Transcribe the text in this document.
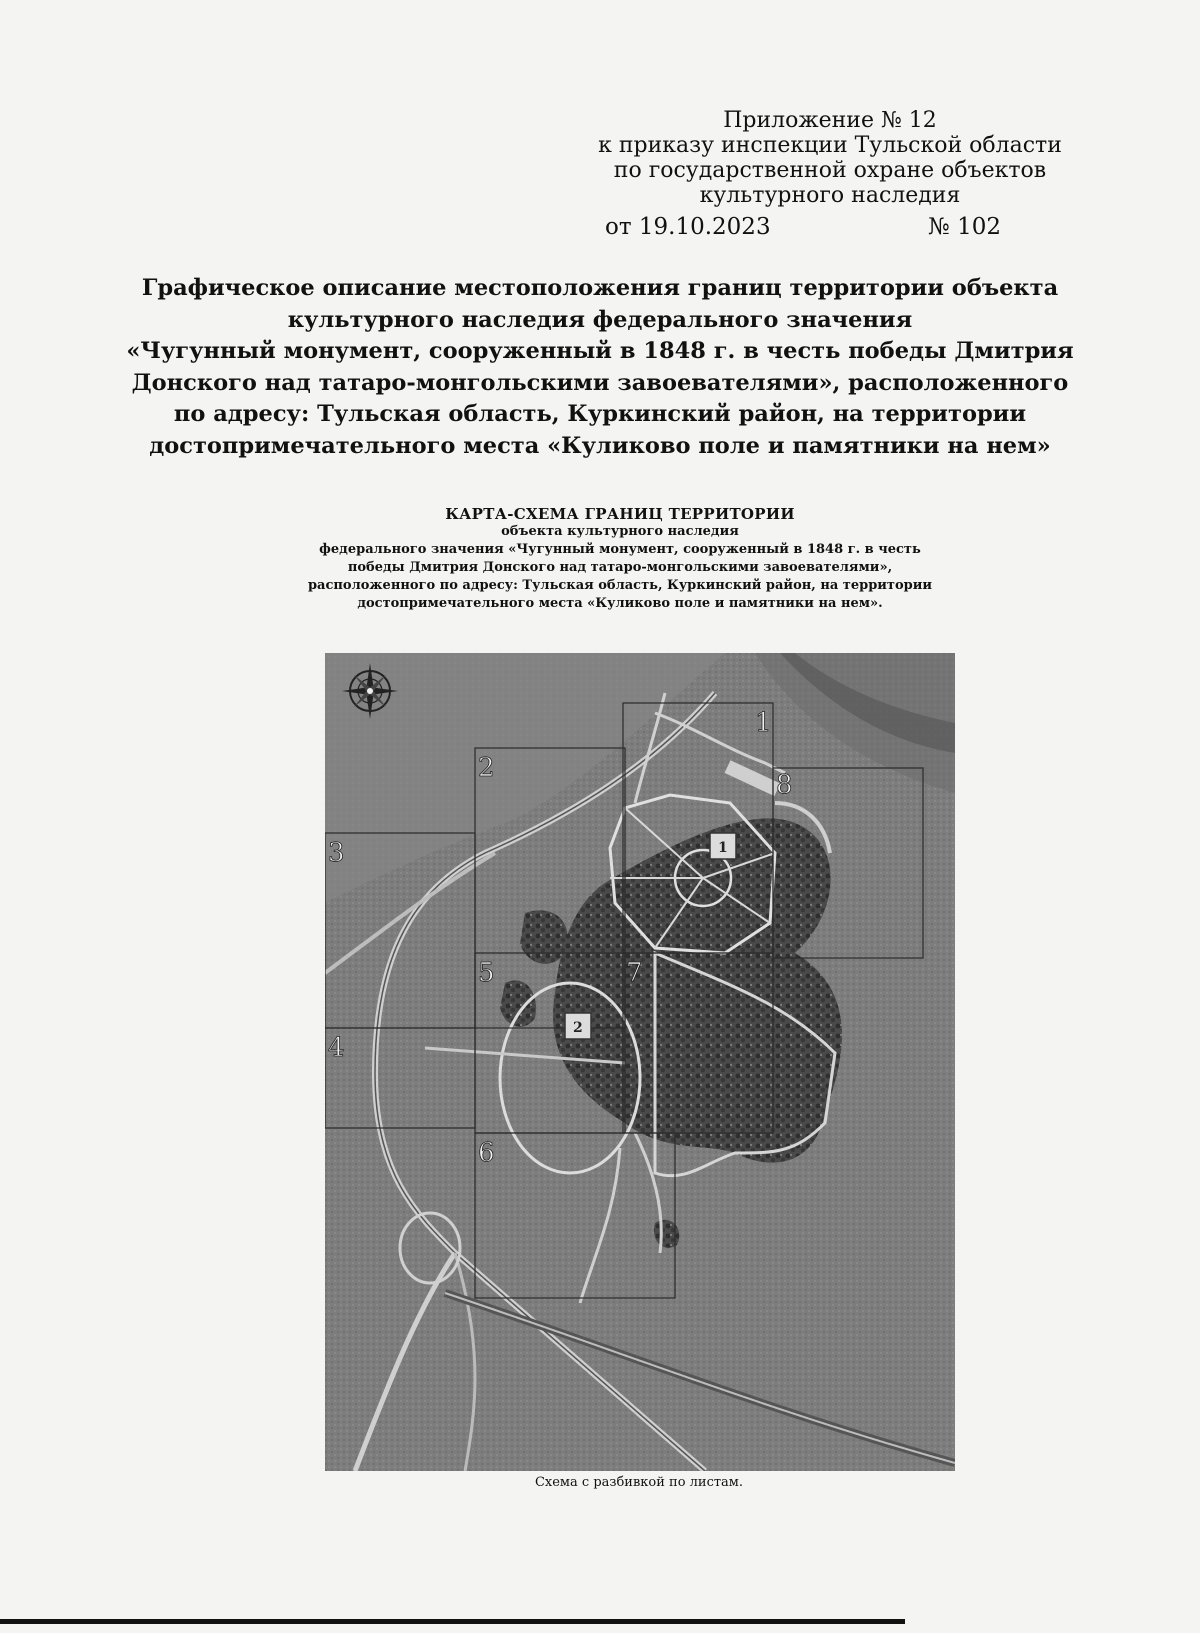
Приложение № 12
к приказу инспекции Тульской области
по государственной охране объектов
культурного наследия
от 19.10.2023	№ 102
Графическое описание местоположения границ территории объекта
культурного наследия федерального значения
«Чугунный монумент, сооруженный в 1848 г. в честь победы Дмитрия
Донского над татаро-монгольскими завоевателями», расположенного
по адресу: Тульская область, Куркинский район, на территории
достопримечательного места «Куликово поле и памятники на нем»
КАРТА-СХЕМА ГРАНИЦ ТЕРРИТОРИИ
объекта культурного наследия
федерального значения «Чугунный монумент, сооруженный в 1848 г. в честь
победы Дмитрия Донского над татаро-монгольскими завоевателями»,
расположенного по адресу: Тульская область, Куркинский район, на территории
достопримечательного места «Куликово поле и памятники на нем».
1
2
3
4
5
6
7
8
1
2
Схема с разбивкой по листам.
